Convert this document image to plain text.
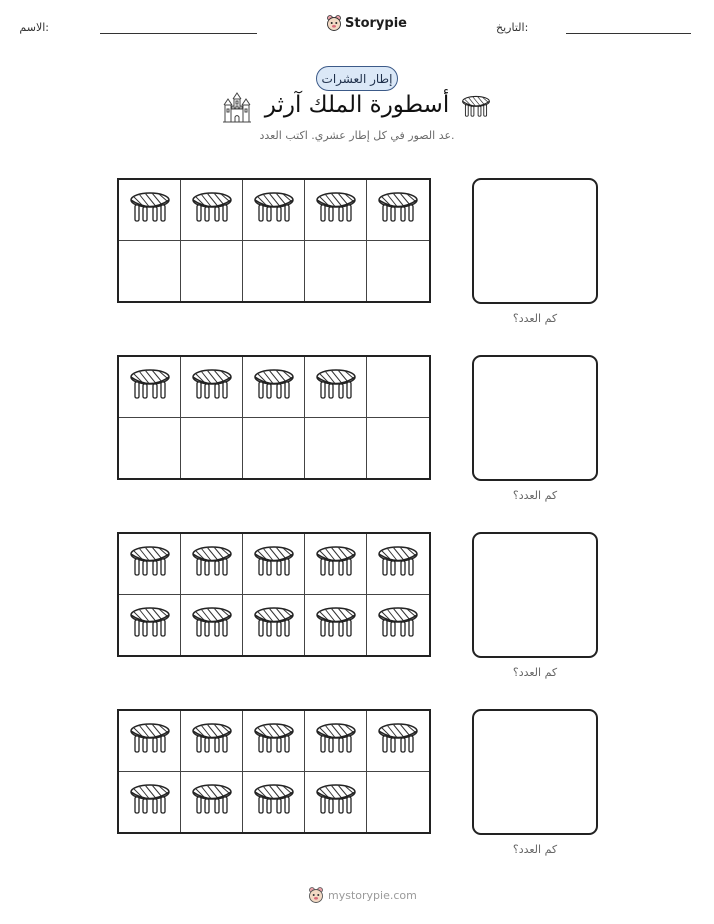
الاسم:	Storypie	التاريخ:
إطار العشرات
أسطورة الملك آرثر
عد الصور في كل إطار عشري. اكتب العدد.
كم العدد؟
كم العدد؟
كم العدد؟
كم العدد؟
mystorypie.com
